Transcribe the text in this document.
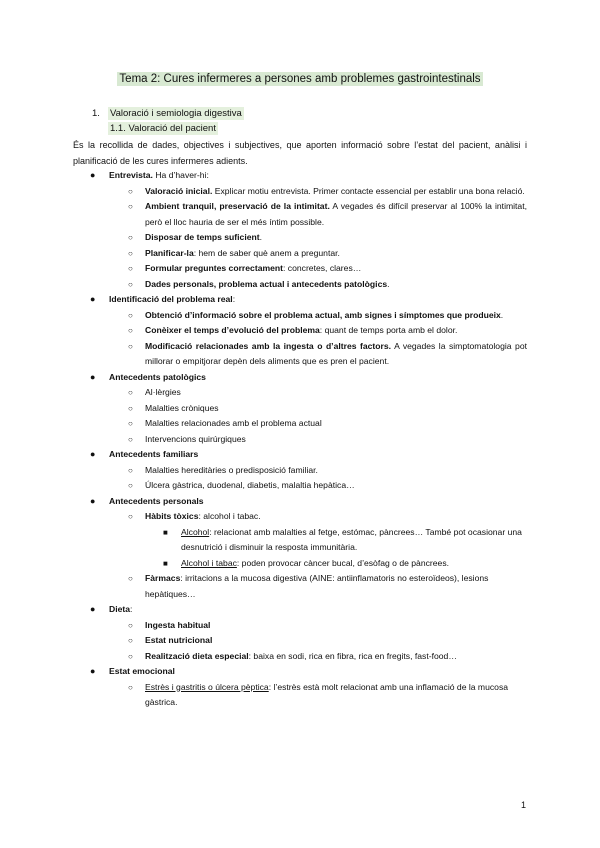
Tema 2: Cures infermeres a persones amb problemes gastrointestinals
1. Valoració i semiologia digestiva
1.1. Valoració del pacient
És la recollida de dades, objectives i subjectives, que aporten informació sobre l’estat del pacient, anàlisi i planificació de les cures infermeres adients.
● Entrevista. Ha d’haver-hi:
○ Valoració inicial. Explicar motiu entrevista. Primer contacte essencial per establir una bona relació.
○ Ambient tranquil, preservació de la intimitat. A vegades és difícil preservar al 100% la intimitat, però el lloc hauria de ser el més íntim possible.
○ Disposar de temps suficient.
○ Planificar-la: hem de saber què anem a preguntar.
○ Formular preguntes correctament: concretes, clares…
○ Dades personals, problema actual i antecedents patològics.
● Identificació del problema real:
○ Obtenció d’informació sobre el problema actual, amb signes i símptomes que produeix.
○ Conèixer el temps d’evolució del problema: quant de temps porta amb el dolor.
○ Modificació relacionades amb la ingesta o d’altres factors. A vegades la simptomatologia pot millorar o empitjorar depèn dels aliments que es pren el pacient.
● Antecedents patològics
○ Al·lèrgies
○ Malalties cròniques
○ Malalties relacionades amb el problema actual
○ Intervencions quirúrgiques
● Antecedents familiars
○ Malalties hereditàries o predisposició familiar.
○ Úlcera gàstrica, duodenal, diabetis, malaltia hepàtica…
● Antecedents personals
○ Hàbits tòxics: alcohol i tabac.
■ Alcohol: relacionat amb malalties al fetge, estómac, pàncrees… També pot ocasionar una desnutrició i disminuir la resposta immunitària.
■ Alcohol i tabac: poden provocar càncer bucal, d’esòfag o de pàncrees.
○ Fàrmacs: irritacions a la mucosa digestiva (AINE: antiinflamatoris no esteroïdeos), lesions hepàtiques…
● Dieta:
○ Ingesta habitual
○ Estat nutricional
○ Realització dieta especial: baixa en sodi, rica en fibra, rica en fregits, fast-food…
● Estat emocional
○ Estrès i gastritis o úlcera pèptica: l’estrès està molt relacionat amb una inflamació de la mucosa gàstrica.
1
